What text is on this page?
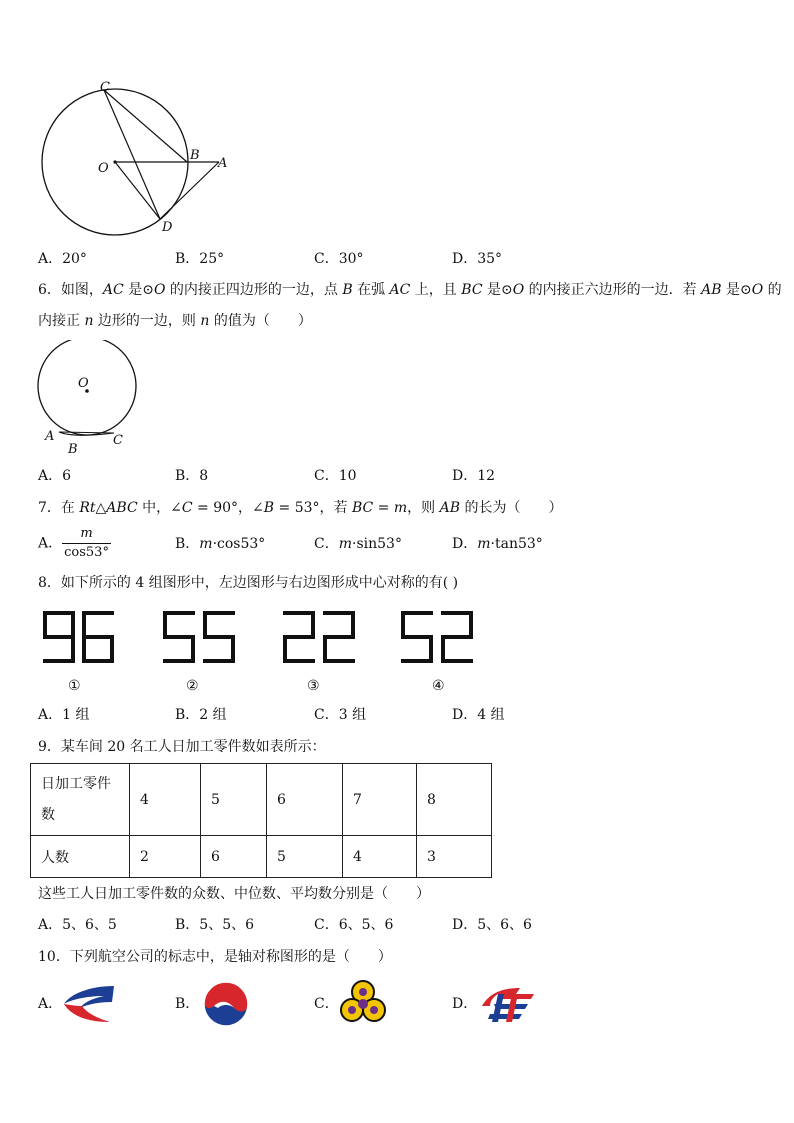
C
O
B
A
D
A．20°	B．25°	C．30°	D．35°
6．如图，AC 是⊙O 的内接正四边形的一边，点 B 在弧 AC 上，且 BC 是⊙O 的内接正六边形的一边．若 AB 是⊙O 的
内接正 n 边形的一边，则 n 的值为（　　）
O
A
B
C
A．6	B．8	C．10	D．12
7．在 Rt△ABC 中，∠C = 90°，∠B = 53°，若 BC = m，则 AB 的长为（　　）
A． $\frac{m}{\cos 53^\circ}$	B．m·cos53°	C．m·sin53°	D．m·tan53°
8．如下所示的 4 组图形中，左边图形与右边图形成中心对称的有( )
①	②	③	④
A．1 组	B．2 组	C．3 组	D．4 组
9．某车间 20 名工人日加工零件数如表所示：
日加工零件
数	4	5	6	7	8
人数	2	6	5	4	3
这些工人日加工零件数的众数、中位数、平均数分别是（　　）
A．5、6、5	B．5、5、6	C．6、5、6	D．5、6、6
10．下列航空公司的标志中，是轴对称图形的是（　　）
A．	B．	C．	D．
